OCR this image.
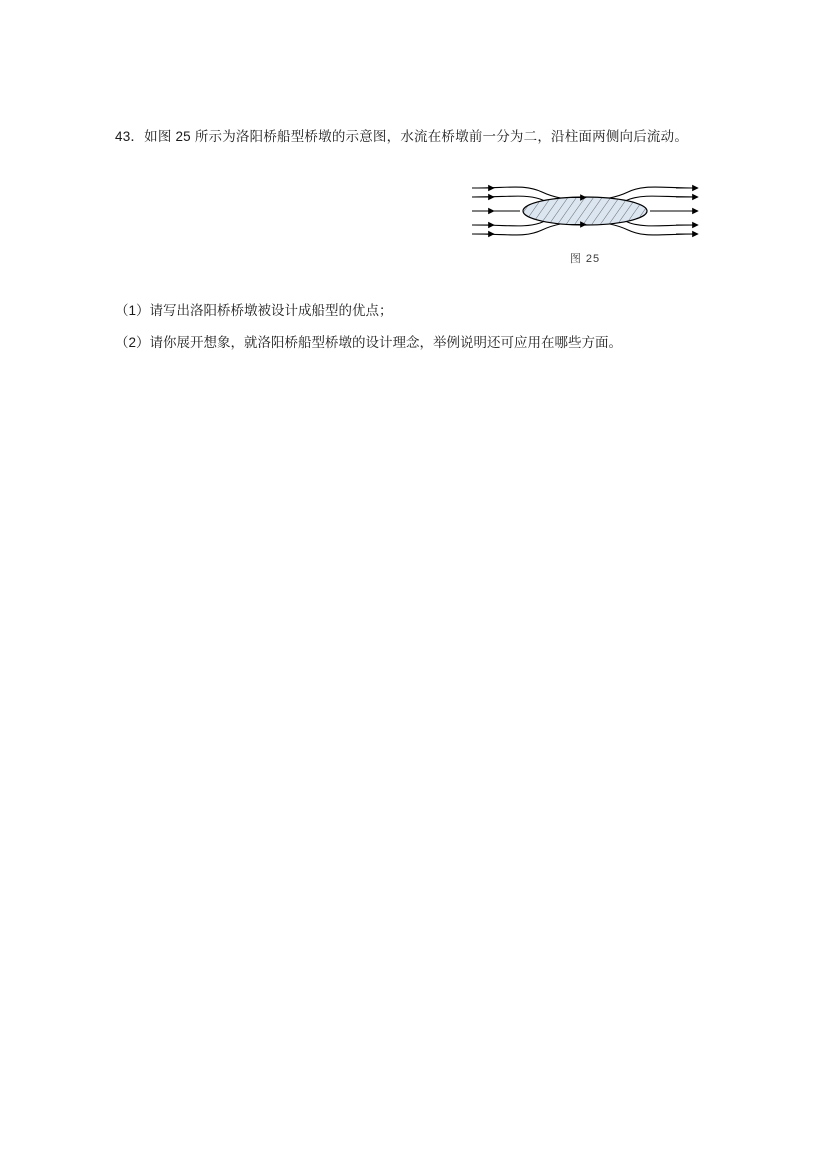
43．如图 25 所示为洛阳桥船型桥墩的示意图，水流在桥墩前一分为二，沿柱面两侧向后流动。
图 25
（1）请写出洛阳桥桥墩被设计成船型的优点；
（2）请你展开想象，就洛阳桥船型桥墩的设计理念，举例说明还可应用在哪些方面。
